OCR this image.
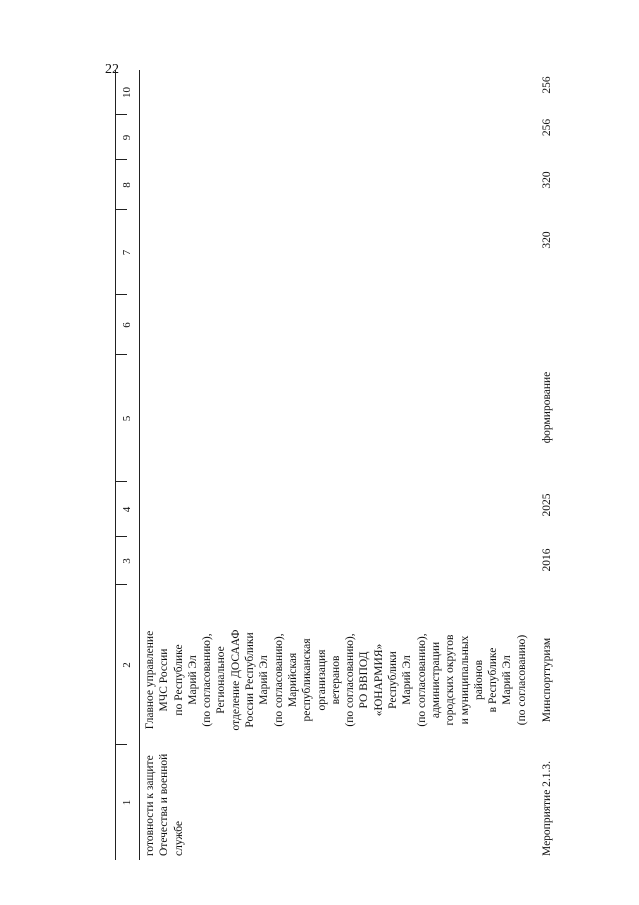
22
1
2
3
4
5
6
7
8
9
10
готовности к защите Отечества и военной службе
Главное управление МЧС России по Республике Марий Эл (по согласованию), Региональное отделение ДОСААФ России Республики Марий Эл (по согласованию), Марийская республиканская организация ветеранов (по согласованию), РО ВВПОД «ЮНАРМИЯ» Республики Марий Эл (по согласованию), администрации городских округов и муниципальных районов в Республике Марий Эл (по согласованию)
Мероприятие 2.1.3.
Минспорттуризм
2016
2025
формирование
320
320
256
256
